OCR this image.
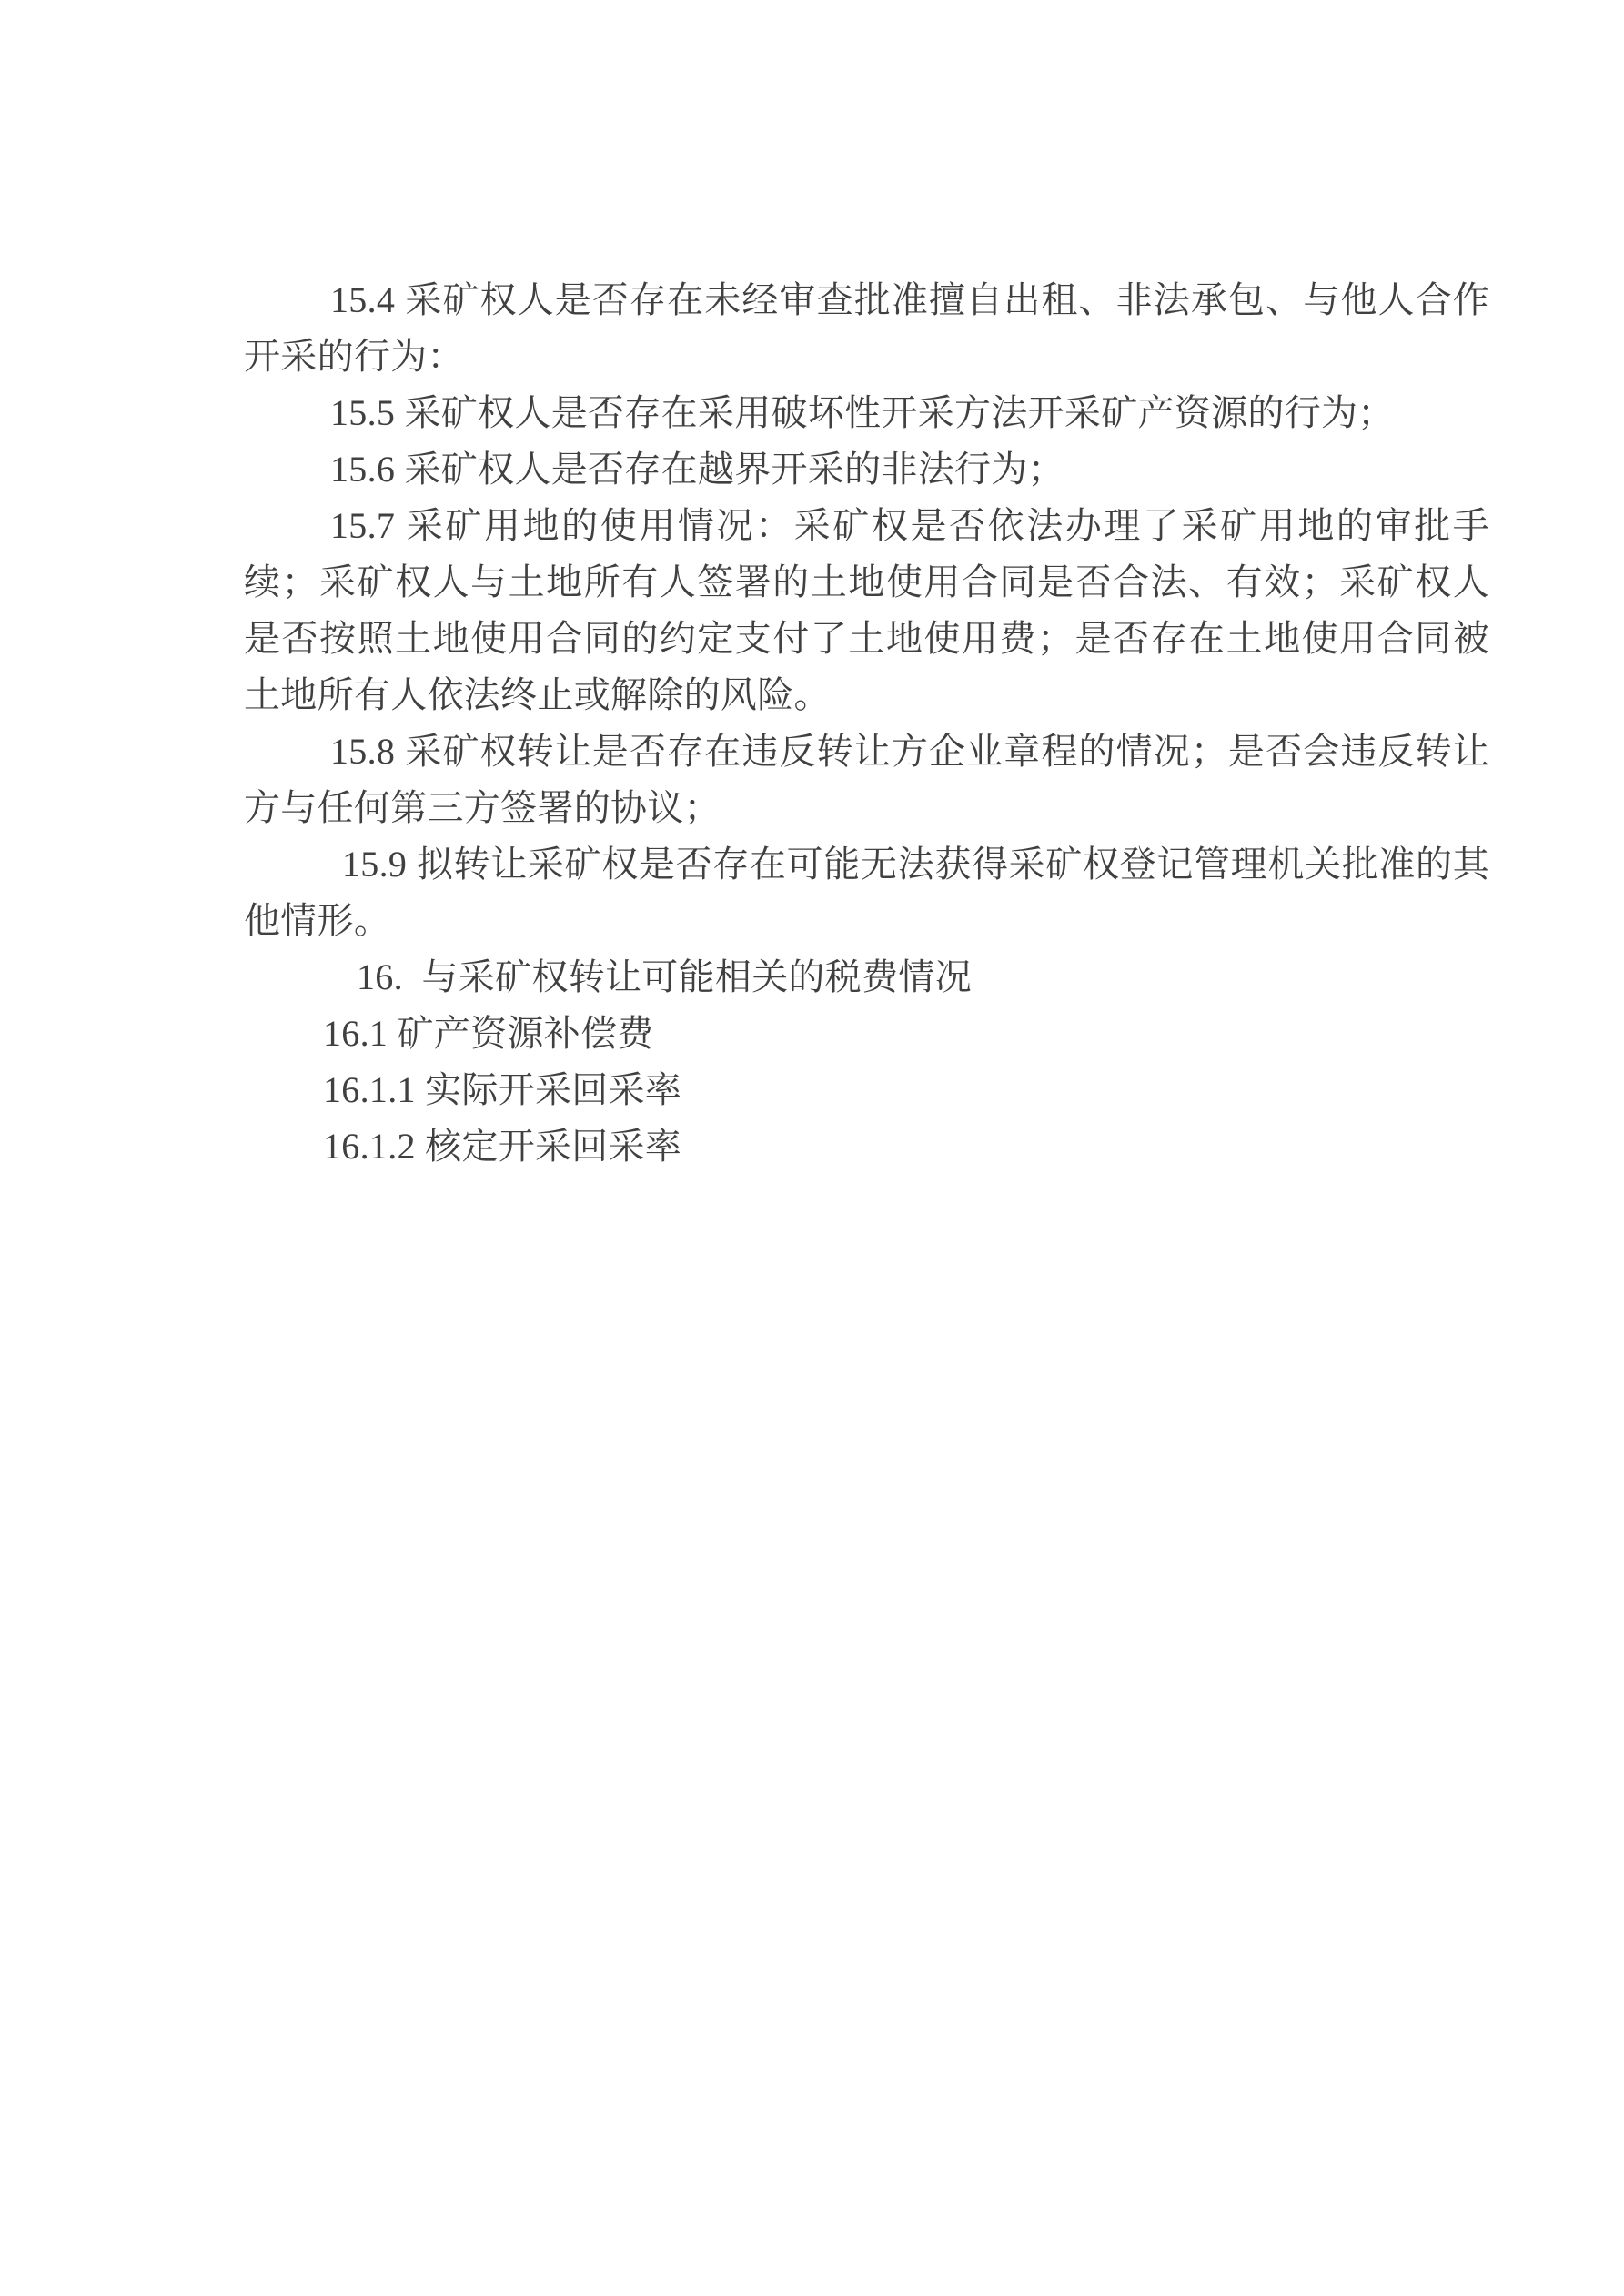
15.4 采矿权人是否存在未经审查批准擅自出租、非法承包、与他人合作开采的行为：

15.5 采矿权人是否存在采用破坏性开采方法开采矿产资源的行为；

15.6 采矿权人是否存在越界开采的非法行为；

15.7 采矿用地的使用情况：采矿权是否依法办理了采矿用地的审批手续；采矿权人与土地所有人签署的土地使用合同是否合法、有效；采矿权人是否按照土地使用合同的约定支付了土地使用费；是否存在土地使用合同被土地所有人依法终止或解除的风险。

15.8 采矿权转让是否存在违反转让方企业章程的情况；是否会违反转让方与任何第三方签署的协议；

15.9 拟转让采矿权是否存在可能无法获得采矿权登记管理机关批准的其他情形。

16.  与采矿权转让可能相关的税费情况

16.1 矿产资源补偿费

16.1.1 实际开采回采率

16.1.2 核定开采回采率
